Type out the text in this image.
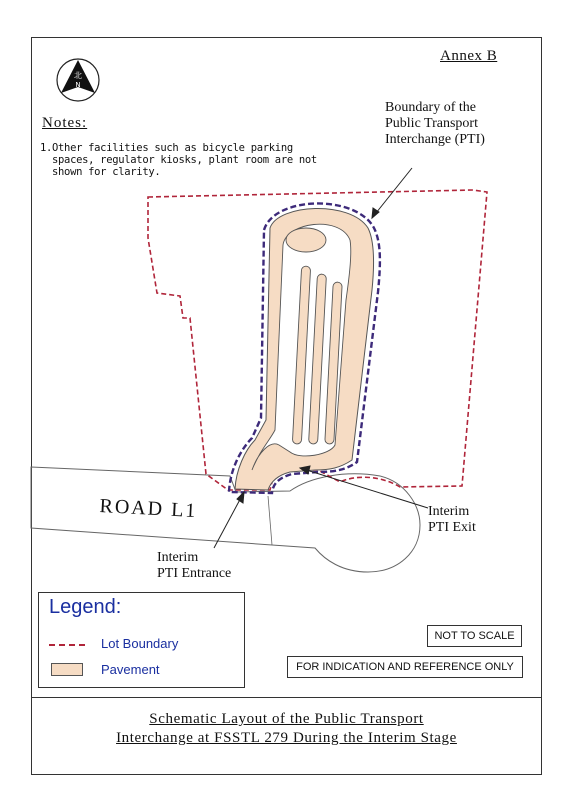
Annex B
北
N
Notes:
1. Other facilities such as bicycle parking spaces, regulator kiosks, plant room are not shown for clarity.
Boundary of the
Public Transport
Interchange (PTI)
ROAD L1	Interim
PTI Exit
Interim
PTI Entrance
Legend:
Lot Boundary
Pavement
NOT TO SCALE
FOR INDICATION AND REFERENCE ONLY
Schematic Layout of the Public Transport
Interchange at FSSTL 279 During the Interim Stage
